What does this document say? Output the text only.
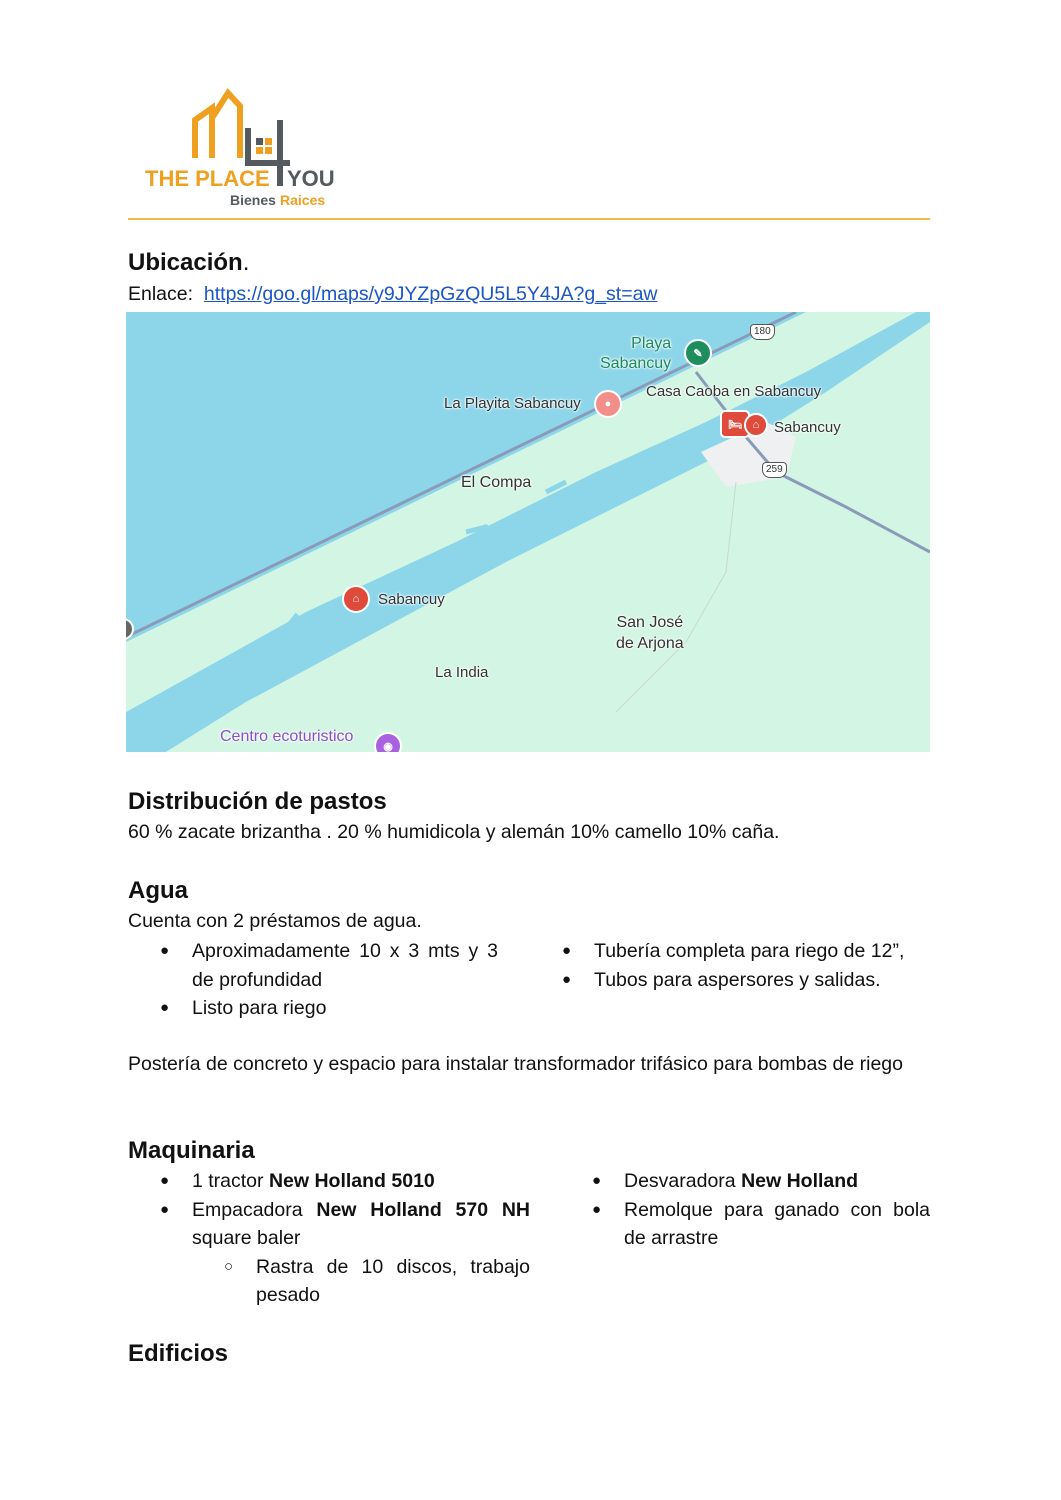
THE PLACE YOU
Bienes Raices
Ubicación.
Enlace: https://goo.gl/maps/y9JYZpGzQU5L5Y4JA?g_st=aw
Playa
Sabancuy
✎
La Playita Sabancuy	●
Casa Caoba en Sabancuy
🛏 ⌂ Sabancuy
180
259
El Compa
⌂	Sabancuy
San José
de Arjona
La India
Centro ecoturistico
◉
Distribución de pastos
60 % zacate brizantha . 20 % humidicola y alemán 10% camello 10% caña.
Agua
Cuenta con 2 préstamos de agua.
● Aproximadamente 10 x 3 mts y 3 de profundidad
● Listo para riego
● Tubería completa para riego de 12”,
● Tubos para aspersores y salidas.
Postería de concreto y espacio para instalar transformador trifásico para bombas de riego
Maquinaria
● 1 tractor New Holland 5010
● Empacadora New Holland 570 NH square baler
○ Rastra de 10 discos, trabajo pesado
● Desvaradora New Holland
● Remolque para ganado con bola de arrastre
Edificios
